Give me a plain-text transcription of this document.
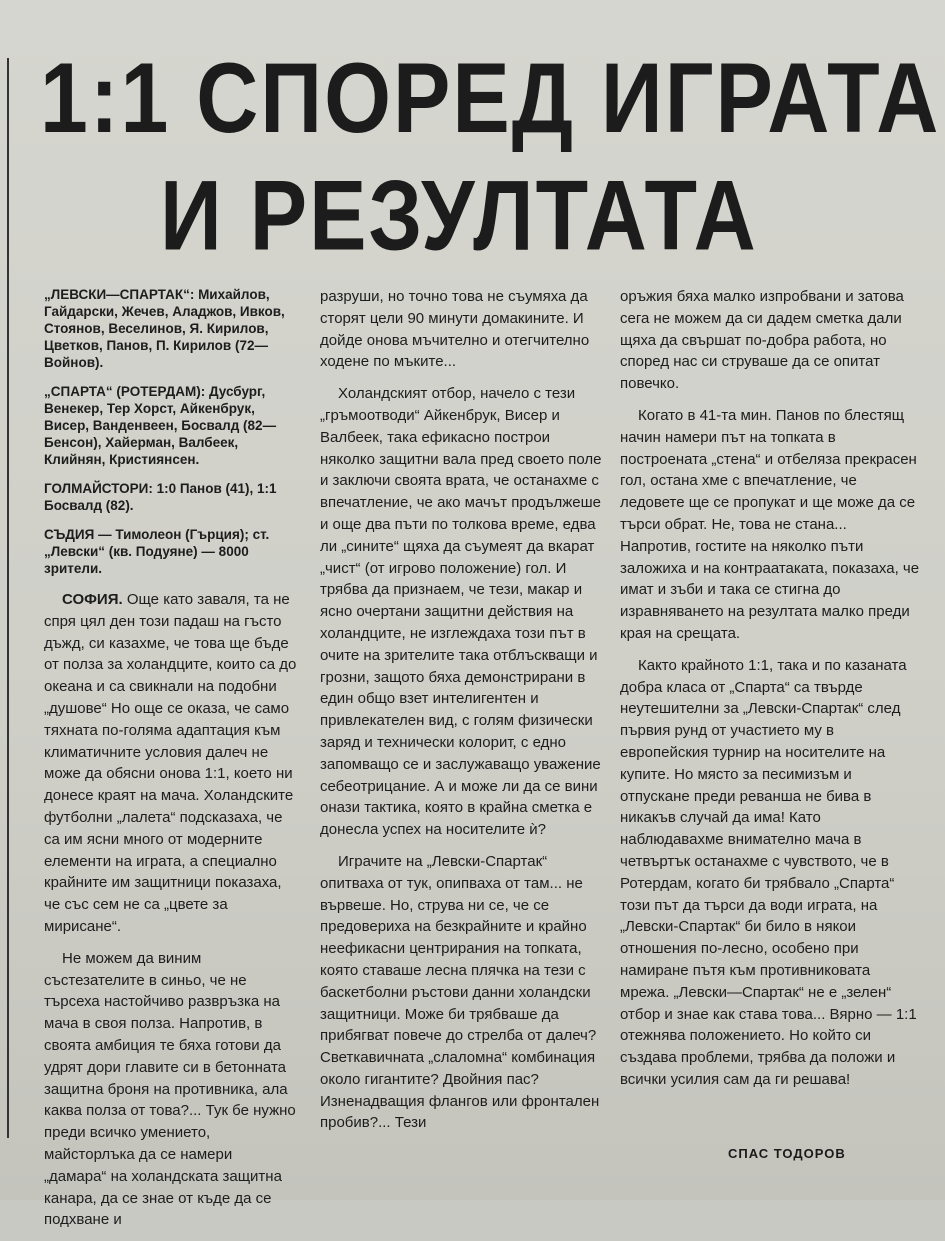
1:1 СПОРЕД ИГРАТА
И РЕЗУЛТАТА

„ЛЕВСКИ—СПАРТАК“: Михайлов, Гайдарски, Жечев, Аладжов, Ивков, Стоянов, Веселинов, Я. Кирилов, Цветков, Панов, П. Кирилов (72—Войнов).

„СПАРТА“ (РОТЕРДАМ): Дусбург, Венекер, Тер Хорст, Айкенбрук, Висер, Ванденвеен, Босвалд (82—Бенсон), Хайерман, Валбеек, Клийнян, Кристиянсен.

ГОЛМАЙСТОРИ: 1:0 Панов (41), 1:1 Босвалд (82).

СЪДИЯ — Тимолеон (Гърция); ст. „Левски“ (кв. Подуяне) — 8000 зрители.

СОФИЯ. Още като заваля, та не спря цял ден този падаш на гъсто дъжд, си казахме, че това ще бъде от полза за холандците, които са до океана и са свикнали на подобни „душове“ Но още се оказа, че само тяхната по-голяма адаптация към климатичните условия далеч не може да обясни онова 1:1, което ни донесе краят на мача. Холандските футболни „лалета“ подсказаха, че са им ясни много от модерните елементи на играта, а специално крайните им защитници показаха, че със сем не са „цвете за мирисане“.

Не можем да виним състезателите в синьо, че не търсеха настойчиво развръзка на мача в своя полза. Напротив, в своята амбиция те бяха готови да удрят дори главите си в бетонната защитна броня на противника, ала каква полза от това?... Тук бе нужно преди всичко умението, майсторлъка да се намери „дамара“ на холандската защитна канара, да се знае от къде да се подхване и

разруши, но точно това не съумяха да сторят цели 90 минути домакините. И дойде онова мъчително и отегчително ходене по мъките...

Холандският отбор, начело с тези „гръмоотводи“ Айкенбрук, Висер и Валбеек, така ефикасно построи няколко защитни вала пред своето поле и заключи своята врата, че останахме с впечатление, че ако мачът продължеше и още два пъти по толкова време, едва ли „сините“ щяха да съумеят да вкарат „чист“ (от игрово положение) гол. И трябва да признаем, че тези, макар и ясно очертани защитни действия на холандците, не изглеждаха този път в очите на зрителите така отблъскващи и грозни, защото бяха демонстрирани в един общо взет интелигентен и привлекателен вид, с голям физически заряд и технически колорит, с едно запомващо се и заслужаващо уважение себеотрицание. А и може ли да се вини онази тактика, която в крайна сметка е донесла успех на носителите ѝ?

Играчите на „Левски-Спартак“ опитваха от тук, опипваха от там... не вървеше. Но, струва ни се, че се предовериха на безкрайните и крайно неефикасни центрирания на топката, която ставаше лесна плячка на тези с баскетболни ръстови данни холандски защитници. Може би трябваше да прибягват повече до стрелба от далеч? Светкавичната „слаломна“ комбинация около гигантите? Двойния пас? Изненадващия флангов или фронтален пробив?... Тези

оръжия бяха малко изпробвани и затова сега не можем да си дадем сметка дали щяха да свършат по-добра работа, но според нас си струваше да се опитат повечко.

Когато в 41-та мин. Панов по блестящ начин намери път на топката в построената „стена“ и отбеляза прекрасен гол, остана хме с впечатление, че ледовете ще се пропукат и ще може да се търси обрат. Не, това не стана... Напротив, гостите на няколко пъти заложиха и на контраатаката, показаха, че имат и зъби и така се стигна до изравняването на резултата малко преди края на срещата.

Както крайното 1:1, така и по казаната добра класа от „Спарта“ са твърде неутешителни за „Левски-Спартак“ след първия рунд от участието му в европейския турнир на носителите на купите. Но място за песимизъм и отпускане преди реванша не бива в никакъв случай да има! Като наблюдавахме внимателно мача в четвъртък останахме с чувството, че в Ротердам, когато би трябвало „Спарта“ този път да търси да води играта, на „Левски-Спартак“ би било в някои отношения по-лесно, особено при намиране пътя към противниковата мрежа. „Левски—Спартак“ не е „зелен“ отбор и знае как става това... Вярно — 1:1 отежнява положението. Но който си създава проблеми, трябва да положи и всички усилия сам да ги решава!

СПАС ТОДОРОВ
